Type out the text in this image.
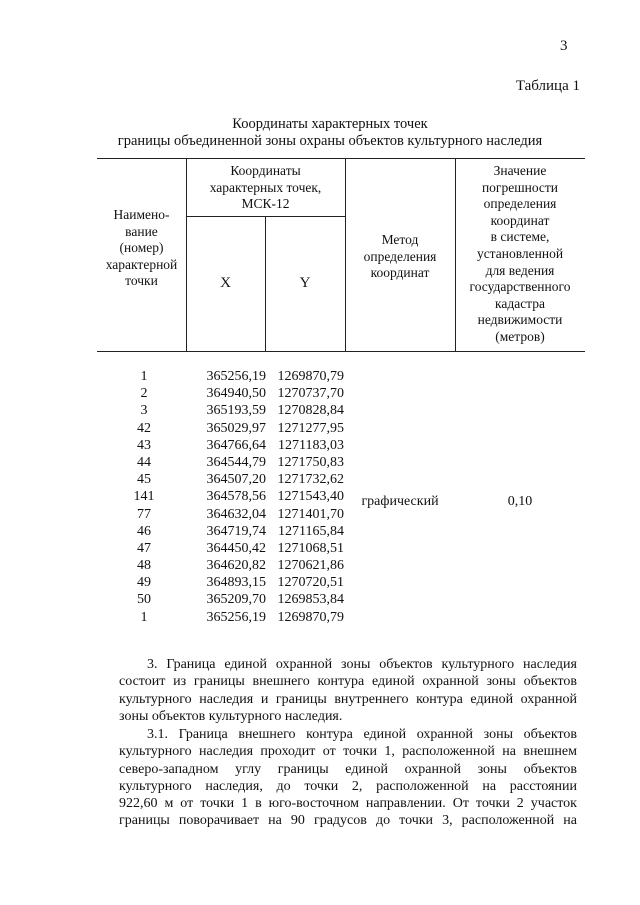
3
Таблица 1
Координаты характерных точек
границы объединенной зоны охраны объектов культурного наследия
Наимено-
вание
(номер)
характерной
точки
Координаты
характерных точек,
МСК-12
X	Y
Метод
определения
координат
Значение
погрешности
определения
координат
в системе,
установленной
для ведения
государственного
кадастра
недвижимости
(метров)
1
2
3
42
43
44
45
141
77
46
47
48
49
50
1
365256,19
364940,50
365193,59
365029,97
364766,64
364544,79
364507,20
364578,56
364632,04
364719,74
364450,42
364620,82
364893,15
365209,70
365256,19
1269870,79
1270737,70
1270828,84
1271277,95
1271183,03
1271750,83
1271732,62
1271543,40
1271401,70
1271165,84
1271068,51
1270621,86
1270720,51
1269853,84
1269870,79
графический	0,10
3. Граница единой охранной зоны объектов культурного наследия
состоит из границы внешнего контура единой охранной зоны объектов
культурного наследия и границы внутреннего контура единой охранной
зоны объектов культурного наследия.
3.1. Граница внешнего контура единой охранной зоны объектов
культурного наследия проходит от точки 1, расположенной на внешнем
северо-западном углу границы единой охранной зоны объектов
культурного наследия, до точки 2, расположенной на расстоянии
922,60 м от точки 1 в юго-восточном направлении. От точки 2 участок
границы поворачивает на 90 градусов до точки 3, расположенной на
